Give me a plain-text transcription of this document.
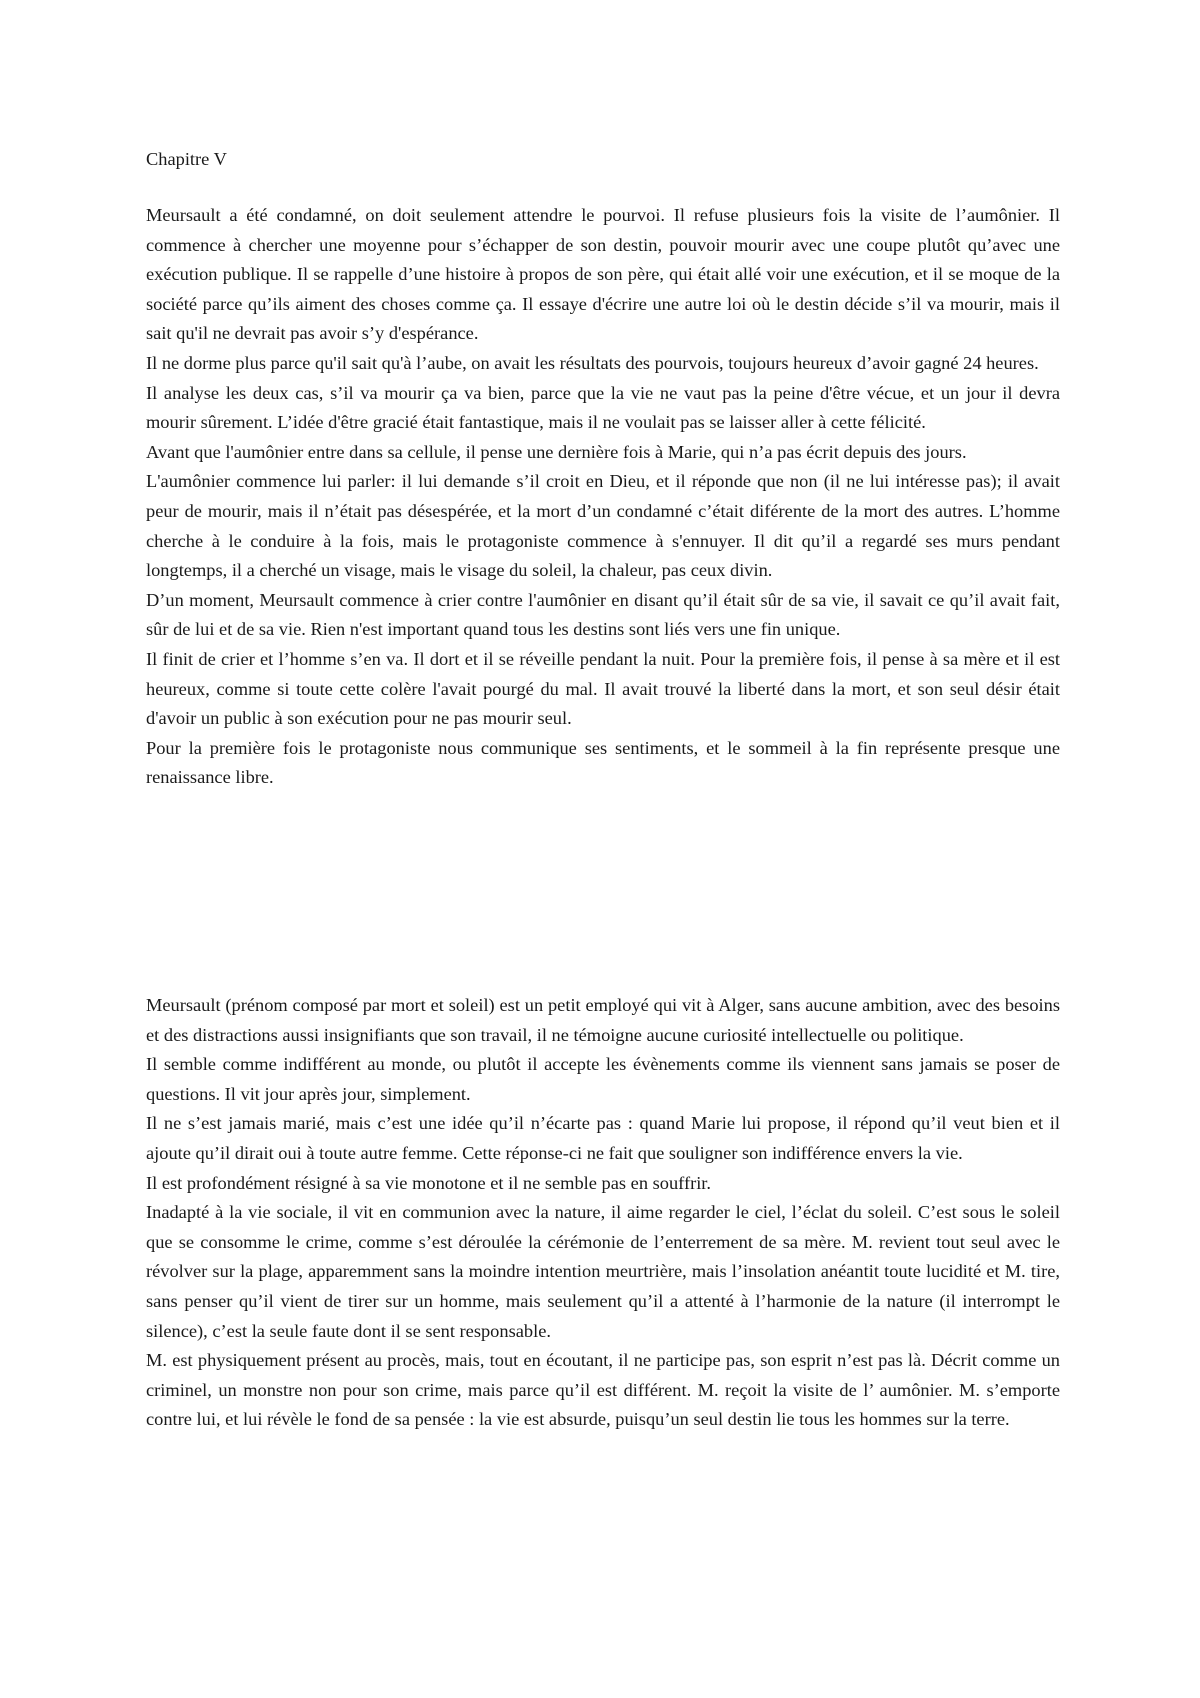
Chapitre V

Meursault a été condamné, on doit seulement attendre le pourvoi. Il refuse plusieurs fois la visite de l’aumônier. Il commence à chercher une moyenne pour s’échapper de son destin, pouvoir mourir avec une coupe plutôt qu’avec une exécution publique. Il se rappelle d’une histoire à propos de son père, qui était allé voir une exécution, et il se moque de la société parce qu’ils aiment des choses comme ça. Il essaye d'écrire une autre loi où le destin décide s’il va mourir, mais il sait qu'il ne devrait pas avoir s’y d'espérance.

Il ne dorme plus parce qu'il sait qu'à l’aube, on avait les résultats des pourvois, toujours heureux d’avoir gagné 24 heures.

Il analyse les deux cas, s’il va mourir ça va bien, parce que la vie ne vaut pas la peine d'être vécue, et un jour il devra mourir sûrement. L’idée d'être gracié était fantastique, mais il ne voulait pas se laisser aller à cette félicité.

Avant que l'aumônier entre dans sa cellule, il pense une dernière fois à Marie, qui n’a pas écrit depuis des jours.

L'aumônier commence lui parler: il lui demande s’il croit en Dieu, et il réponde que non (il ne lui intéresse pas); il avait peur de mourir, mais il n’était pas désespérée, et la mort d’un condamné c’était diférente de la mort des autres. L’homme cherche à le conduire à la fois, mais le protagoniste commence à s'ennuyer. Il dit qu’il a regardé ses murs pendant longtemps, il a cherché un visage, mais le visage du soleil, la chaleur, pas ceux divin.

D’un moment, Meursault commence à crier contre l'aumônier en disant qu’il était sûr de sa vie, il savait ce qu’il avait fait, sûr de lui et de sa vie. Rien n'est important quand tous les destins sont liés vers une fin unique.

Il finit de crier et l’homme s’en va. Il dort et il se réveille pendant la nuit. Pour la première fois, il pense à sa mère et il est heureux, comme si toute cette colère l'avait pourgé du mal. Il avait trouvé la liberté dans la mort, et son seul désir était d'avoir un public à son exécution pour ne pas mourir seul.

Pour la première fois le protagoniste nous communique ses sentiments, et le sommeil à la fin représente presque une renaissance libre.

Meursault (prénom composé par mort et soleil) est un petit employé qui vit à Alger, sans aucune ambition, avec des besoins et des distractions aussi insignifiants que son travail, il ne témoigne aucune curiosité intellectuelle ou politique.

Il semble comme indifférent au monde, ou plutôt il accepte les évènements comme ils viennent sans jamais se poser de questions. Il vit jour après jour, simplement.

Il ne s’est jamais marié, mais c’est une idée qu’il n’écarte pas : quand Marie lui propose, il répond qu’il veut bien et il ajoute qu’il dirait oui à toute autre femme. Cette réponse-ci ne fait que souligner son indifférence envers la vie.

Il est profondément résigné à sa vie monotone et il ne semble pas en souffrir.

Inadapté à la vie sociale, il vit en communion avec la nature, il aime regarder le ciel, l’éclat du soleil. C’est sous le soleil que se consomme le crime, comme s’est déroulée la cérémonie de l’enterrement de sa mère. M. revient tout seul avec le révolver sur la plage, apparemment sans la moindre intention meurtrière, mais l’insolation anéantit toute lucidité et M. tire, sans penser qu’il vient de tirer sur un homme, mais seulement qu’il a attenté à l’harmonie de la nature (il interrompt le silence), c’est la seule faute dont il se sent responsable.

M. est physiquement présent au procès, mais, tout en écoutant, il ne participe pas, son esprit n’est pas là. Décrit comme un criminel, un monstre non pour son crime, mais parce qu’il est différent. M. reçoit la visite de l’ aumônier. M. s’emporte contre lui, et lui révèle le fond de sa pensée : la vie est absurde, puisqu’un seul destin lie tous les hommes sur la terre.
